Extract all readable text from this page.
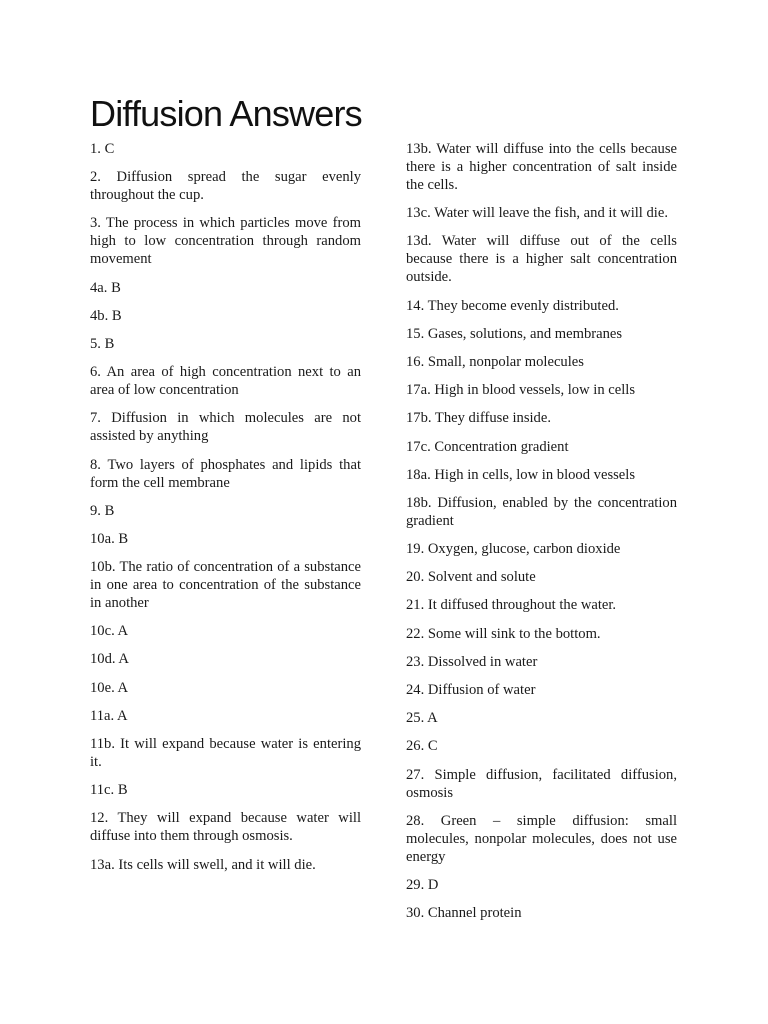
Diffusion Answers

1. C

2. Diffusion spread the sugar evenly throughout the cup.

3. The process in which particles move from high to low concentration through random movement

4a. B

4b. B

5. B

6. An area of high concentration next to an area of low concentration

7. Diffusion in which molecules are not assisted by anything

8. Two layers of phosphates and lipids that form the cell membrane

9. B

10a. B

10b. The ratio of concentration of a substance in one area to concentration of the substance in another

10c. A

10d. A

10e. A

11a. A

11b. It will expand because water is entering it.

11c. B

12. They will expand because water will diffuse into them through osmosis.

13a. Its cells will swell, and it will die.

13b. Water will diffuse into the cells because there is a higher concentration of salt inside the cells.

13c. Water will leave the fish, and it will die.

13d. Water will diffuse out of the cells because there is a higher salt concentration outside.

14. They become evenly distributed.

15. Gases, solutions, and membranes

16. Small, nonpolar molecules

17a. High in blood vessels, low in cells

17b. They diffuse inside.

17c. Concentration gradient

18a. High in cells, low in blood vessels

18b. Diffusion, enabled by the concentration gradient

19. Oxygen, glucose, carbon dioxide

20. Solvent and solute

21. It diffused throughout the water.

22. Some will sink to the bottom.

23. Dissolved in water

24. Diffusion of water

25. A

26. C

27. Simple diffusion, facilitated diffusion, osmosis

28. Green – simple diffusion: small molecules, nonpolar molecules, does not use energy

29. D

30. Channel protein
